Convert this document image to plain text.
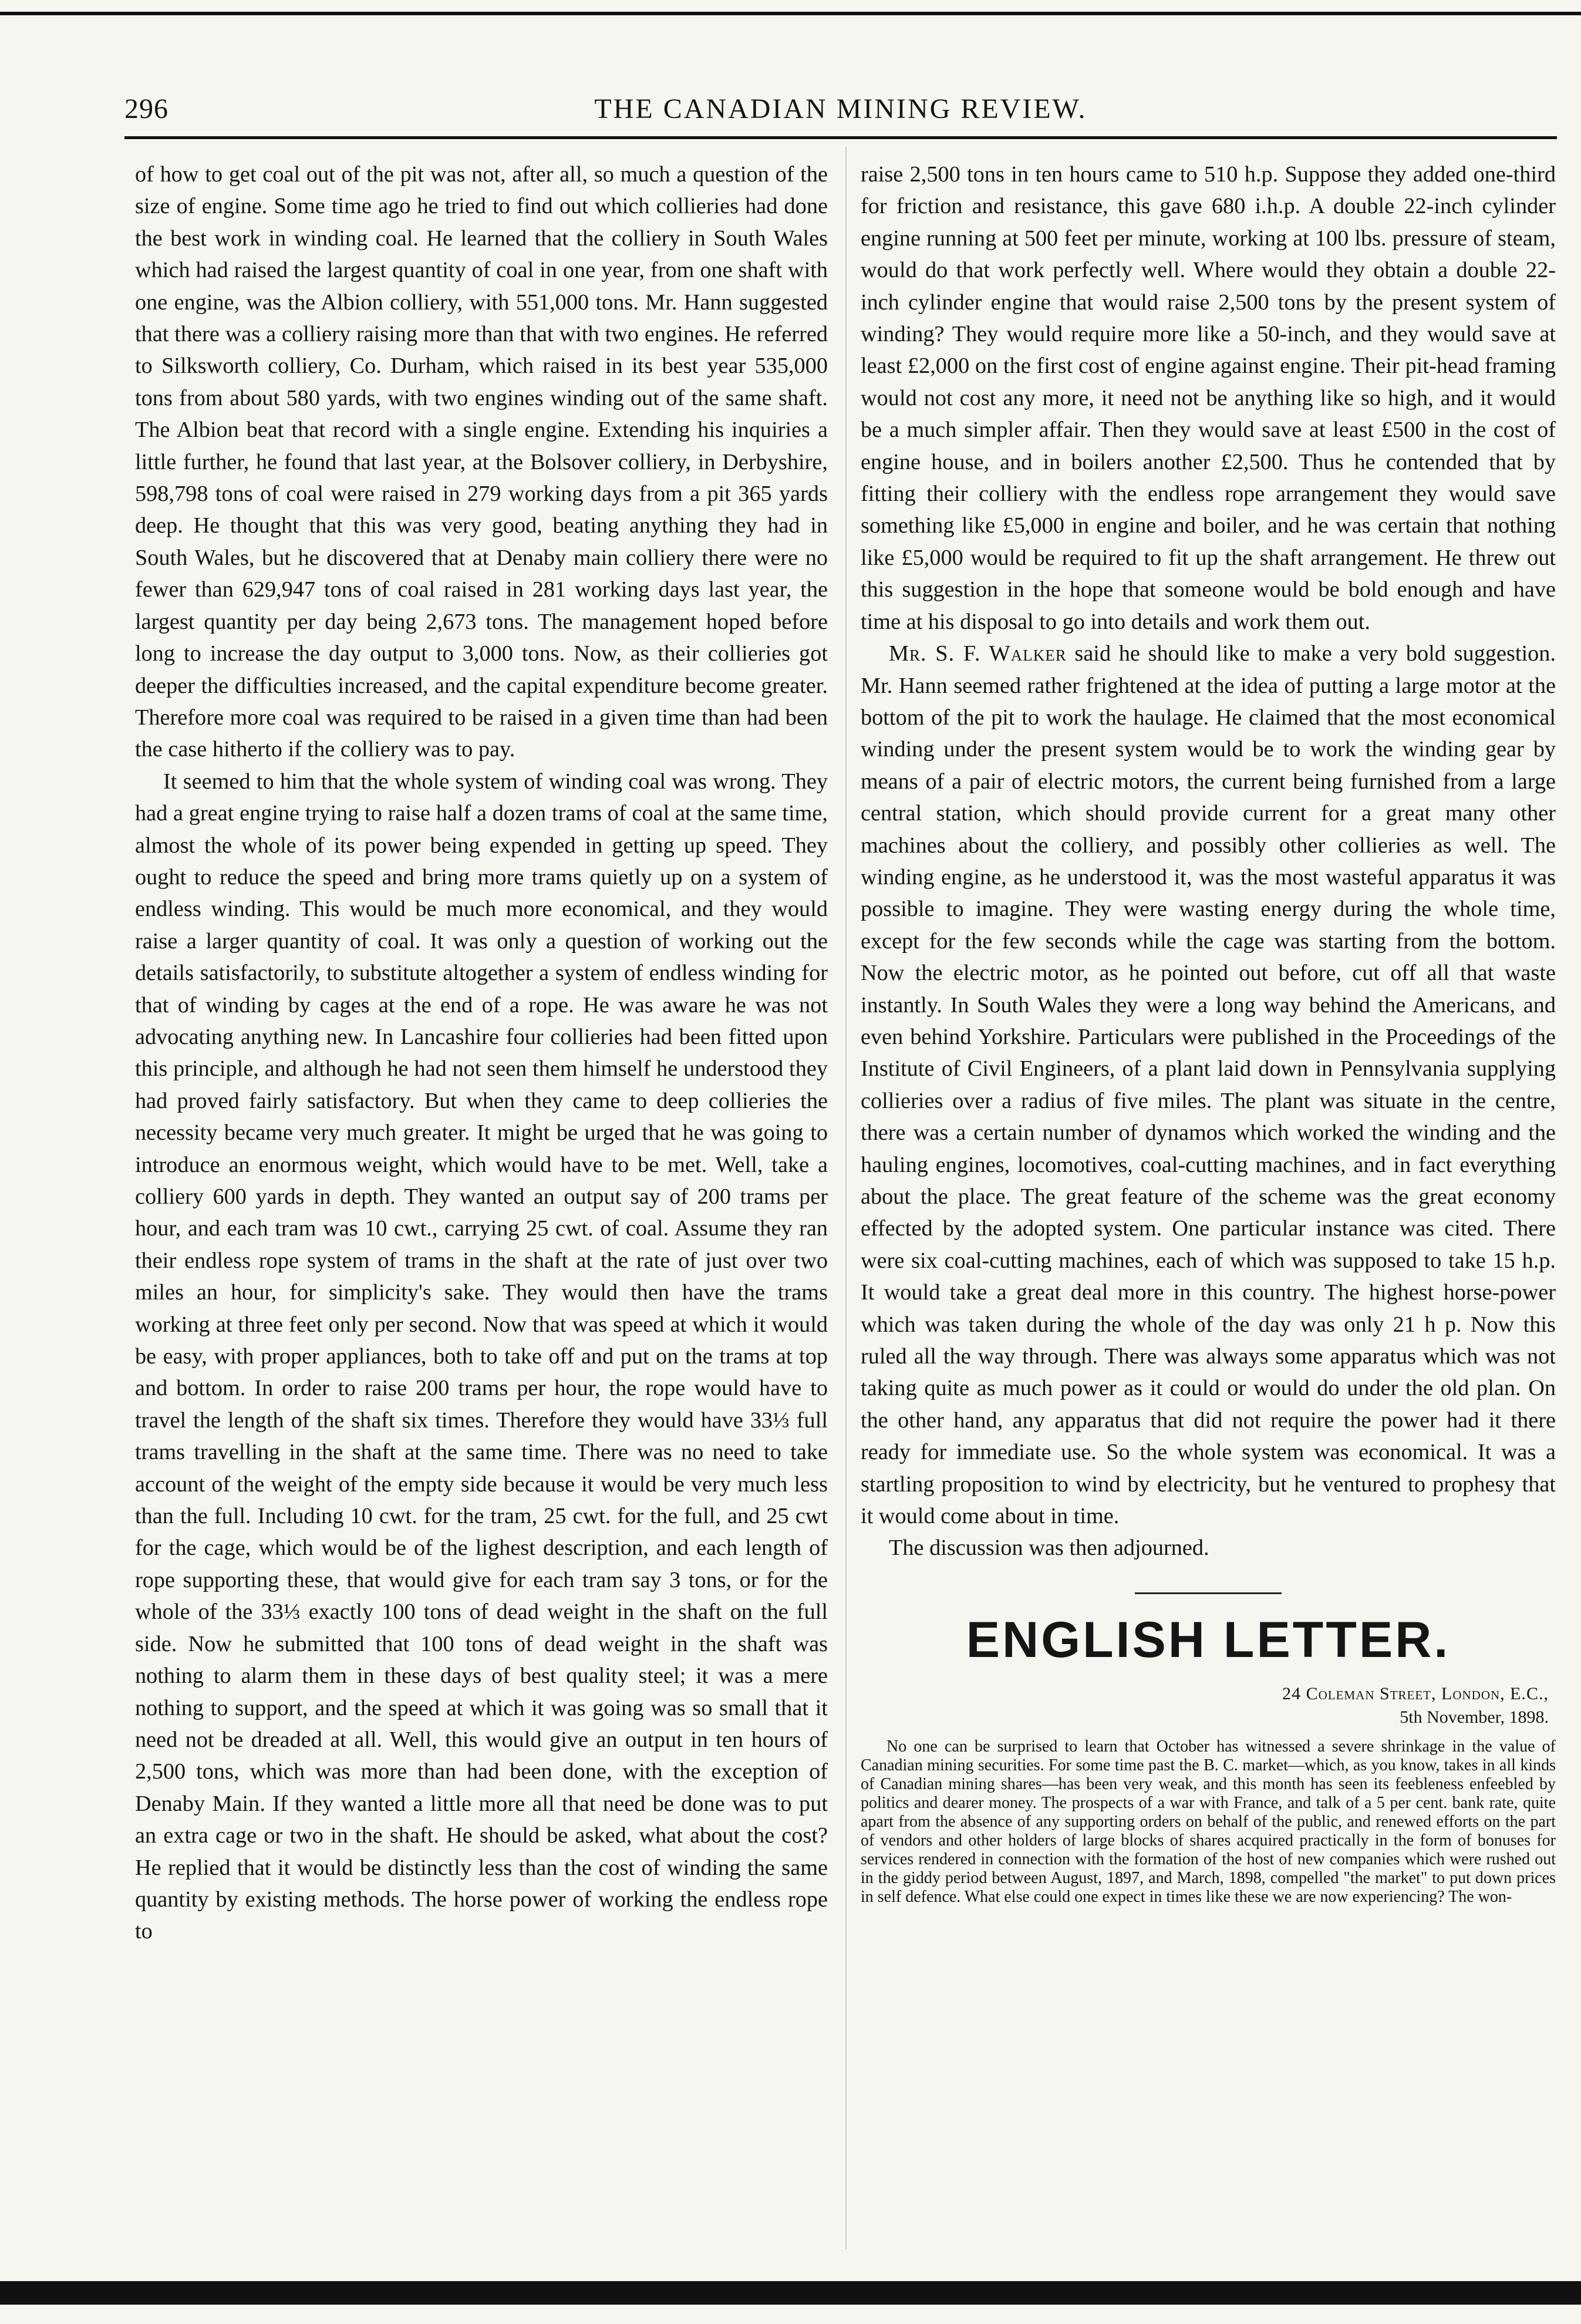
296	THE CANADIAN MINING REVIEW.

of how to get coal out of the pit was not, after all, so much a question of the size of engine. Some time ago he tried to find out which collieries had done the best work in winding coal. He learned that the colliery in South Wales which had raised the largest quantity of coal in one year, from one shaft with one engine, was the Albion colliery, with 551,000 tons. Mr. Hann suggested that there was a colliery raising more than that with two engines. He referred to Silksworth colliery, Co. Durham, which raised in its best year 535,000 tons from about 580 yards, with two engines winding out of the same shaft. The Albion beat that record with a single engine. Extending his inquiries a little further, he found that last year, at the Bolsover colliery, in Derbyshire, 598,798 tons of coal were raised in 279 working days from a pit 365 yards deep. He thought that this was very good, beating anything they had in South Wales, but he discovered that at Denaby main colliery there were no fewer than 629,947 tons of coal raised in 281 working days last year, the largest quantity per day being 2,673 tons. The management hoped before long to increase the day output to 3,000 tons. Now, as their collieries got deeper the difficulties increased, and the capital expenditure become greater. Therefore more coal was required to be raised in a given time than had been the case hitherto if the colliery was to pay.

It seemed to him that the whole system of winding coal was wrong. They had a great engine trying to raise half a dozen trams of coal at the same time, almost the whole of its power being expended in getting up speed. They ought to reduce the speed and bring more trams quietly up on a system of endless winding. This would be much more economical, and they would raise a larger quantity of coal. It was only a question of working out the details satisfactorily, to substitute altogether a system of endless winding for that of winding by cages at the end of a rope. He was aware he was not advocating anything new. In Lancashire four collieries had been fitted upon this principle, and although he had not seen them himself he understood they had proved fairly satisfactory. But when they came to deep collieries the necessity became very much greater. It might be urged that he was going to introduce an enormous weight, which would have to be met. Well, take a colliery 600 yards in depth. They wanted an output say of 200 trams per hour, and each tram was 10 cwt., carrying 25 cwt. of coal. Assume they ran their endless rope system of trams in the shaft at the rate of just over two miles an hour, for simplicity's sake. They would then have the trams working at three feet only per second. Now that was speed at which it would be easy, with proper appliances, both to take off and put on the trams at top and bottom. In order to raise 200 trams per hour, the rope would have to travel the length of the shaft six times. Therefore they would have 33⅓ full trams travelling in the shaft at the same time. There was no need to take account of the weight of the empty side because it would be very much less than the full. Including 10 cwt. for the tram, 25 cwt. for the full, and 25 cwt for the cage, which would be of the lighest description, and each length of rope supporting these, that would give for each tram say 3 tons, or for the whole of the 33⅓ exactly 100 tons of dead weight in the shaft on the full side. Now he submitted that 100 tons of dead weight in the shaft was nothing to alarm them in these days of best quality steel; it was a mere nothing to support, and the speed at which it was going was so small that it need not be dreaded at all. Well, this would give an output in ten hours of 2,500 tons, which was more than had been done, with the exception of Denaby Main. If they wanted a little more all that need be done was to put an extra cage or two in the shaft. He should be asked, what about the cost? He replied that it would be distinctly less than the cost of winding the same quantity by existing methods. The horse power of working the endless rope to

raise 2,500 tons in ten hours came to 510 h.p. Suppose they added one-third for friction and resistance, this gave 680 i.h.p. A double 22-inch cylinder engine running at 500 feet per minute, working at 100 lbs. pressure of steam, would do that work perfectly well. Where would they obtain a double 22-inch cylinder engine that would raise 2,500 tons by the present system of winding? They would require more like a 50-inch, and they would save at least £2,000 on the first cost of engine against engine. Their pit-head framing would not cost any more, it need not be anything like so high, and it would be a much simpler affair. Then they would save at least £500 in the cost of engine house, and in boilers another £2,500. Thus he contended that by fitting their colliery with the endless rope arrangement they would save something like £5,000 in engine and boiler, and he was certain that nothing like £5,000 would be required to fit up the shaft arrangement. He threw out this suggestion in the hope that someone would be bold enough and have time at his disposal to go into details and work them out.

Mr. S. F. Walker said he should like to make a very bold suggestion. Mr. Hann seemed rather frightened at the idea of putting a large motor at the bottom of the pit to work the haulage. He claimed that the most economical winding under the present system would be to work the winding gear by means of a pair of electric motors, the current being furnished from a large central station, which should provide current for a great many other machines about the colliery, and possibly other collieries as well. The winding engine, as he understood it, was the most wasteful apparatus it was possible to imagine. They were wasting energy during the whole time, except for the few seconds while the cage was starting from the bottom. Now the electric motor, as he pointed out before, cut off all that waste instantly. In South Wales they were a long way behind the Americans, and even behind Yorkshire. Particulars were published in the Proceedings of the Institute of Civil Engineers, of a plant laid down in Pennsylvania supplying collieries over a radius of five miles. The plant was situate in the centre, there was a certain number of dynamos which worked the winding and the hauling engines, locomotives, coal-cutting machines, and in fact everything about the place. The great feature of the scheme was the great economy effected by the adopted system. One particular instance was cited. There were six coal-cutting machines, each of which was supposed to take 15 h.p. It would take a great deal more in this country. The highest horse-power which was taken during the whole of the day was only 21 h p. Now this ruled all the way through. There was always some apparatus which was not taking quite as much power as it could or would do under the old plan. On the other hand, any apparatus that did not require the power had it there ready for immediate use. So the whole system was economical. It was a startling proposition to wind by electricity, but he ventured to prophesy that it would come about in time.

The discussion was then adjourned.

ENGLISH LETTER.
24 Coleman Street, London, E.C.,
5th November, 1898.

No one can be surprised to learn that October has witnessed a severe shrinkage in the value of Canadian mining securities. For some time past the B. C. market—which, as you know, takes in all kinds of Canadian mining shares—has been very weak, and this month has seen its feebleness enfeebled by politics and dearer money. The prospects of a war with France, and talk of a 5 per cent. bank rate, quite apart from the absence of any supporting orders on behalf of the public, and renewed efforts on the part of vendors and other holders of large blocks of shares acquired practically in the form of bonuses for services rendered in connection with the formation of the host of new companies which were rushed out in the giddy period between August, 1897, and March, 1898, compelled "the market" to put down prices in self defence. What else could one expect in times like these we are now experiencing? The won-
